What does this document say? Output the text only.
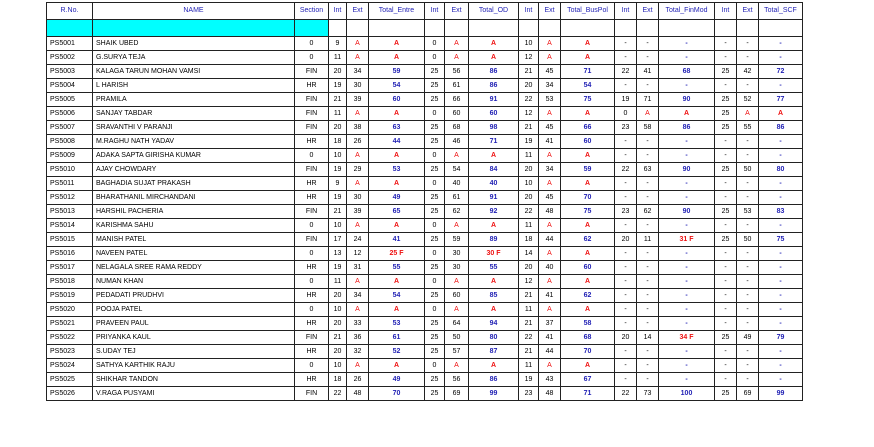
R.No.	NAME	Section	Int	Ext	Total_Entre	Int	Ext	Total_OD	Int	Ext	Total_BusPol	Int	Ext	Total_FinMod	Int	Ext	Total_SCF

PS5001	SHAIK UBED	0	9	A	A	0	A	A	10	A	A	-	-	-	-	-	-
PS5002	G.SURYA TEJA	0	11	A	A	0	A	A	12	A	A	-	-	-	-	-	-
PS5003	KALAGA TARUN MOHAN VAMSI	FIN	20	34	59	25	56	86	21	45	71	22	41	68	25	42	72
PS5004	L HARISH	HR	19	30	54	25	61	86	20	34	54	-	-	-	-	-	-
PS5005	PRAMILA	FIN	21	39	60	25	66	91	22	53	75	19	71	90	25	52	77
PS5006	SANJAY TABDAR	FIN	11	A	A	0	60	60	12	A	A	0	A	A	25	A	A
PS5007	SRAVANTHI V PARANJI	FIN	20	38	63	25	68	98	21	45	66	23	58	86	25	55	86
PS5008	M.RAGHU NATH YADAV	HR	18	26	44	25	46	71	19	41	60	-	-	-	-	-	-
PS5009	ADAKA SAPTA GIRISHA KUMAR	0	10	A	A	0	A	A	11	A	A	-	-	-	-	-	-
PS5010	AJAY CHOWDARY	FIN	19	29	53	25	54	84	20	34	59	22	63	90	25	50	80
PS5011	BAGHADIA SUJAT PRAKASH	HR	9	A	A	0	40	40	10	A	A	-	-	-	-	-	-
PS5012	BHARATHANIL MIRCHANDANI	HR	19	30	49	25	61	91	20	45	70	-	-	-	-	-	-
PS5013	HARSHIL PACHERIA	FIN	21	39	65	25	62	92	22	48	75	23	62	90	25	53	83
PS5014	KARISHMA SAHU	0	10	A	A	0	A	A	11	A	A	-	-	-	-	-	-
PS5015	MANISH PATEL	FIN	17	24	41	25	59	89	18	44	62	20	11	31 F	25	50	75
PS5016	NAVEEN PATEL	0	13	12	25 F	0	30	30 F	14	A	A	-	-	-	-	-	-
PS5017	NELAGALA SREE RAMA REDDY	HR	19	31	55	25	30	55	20	40	60	-	-	-	-	-	-
PS5018	NUMAN KHAN	0	11	A	A	0	A	A	12	A	A	-	-	-	-	-	-
PS5019	PEDADATI PRUDHVI	HR	20	34	54	25	60	85	21	41	62	-	-	-	-	-	-
PS5020	POOJA PATEL	0	10	A	A	0	A	A	11	A	A	-	-	-	-	-	-
PS5021	PRAVEEN PAUL	HR	20	33	53	25	64	94	21	37	58	-	-	-	-	-	-
PS5022	PRIYANKA KAUL	FIN	21	36	61	25	50	80	22	41	68	20	14	34 F	25	49	79
PS5023	S.UDAY TEJ	HR	20	32	52	25	57	87	21	44	70	-	-	-	-	-	-
PS5024	SATHYA KARTHIK RAJU	0	10	A	A	0	A	A	11	A	A	-	-	-	-	-	-
PS5025	SHIKHAR TANDON	HR	18	26	49	25	56	86	19	43	67	-	-	-	-	-	-
PS5026	V.RAGA PUSYAMI	FIN	22	48	70	25	69	99	23	48	71	22	73	100	25	69	99
